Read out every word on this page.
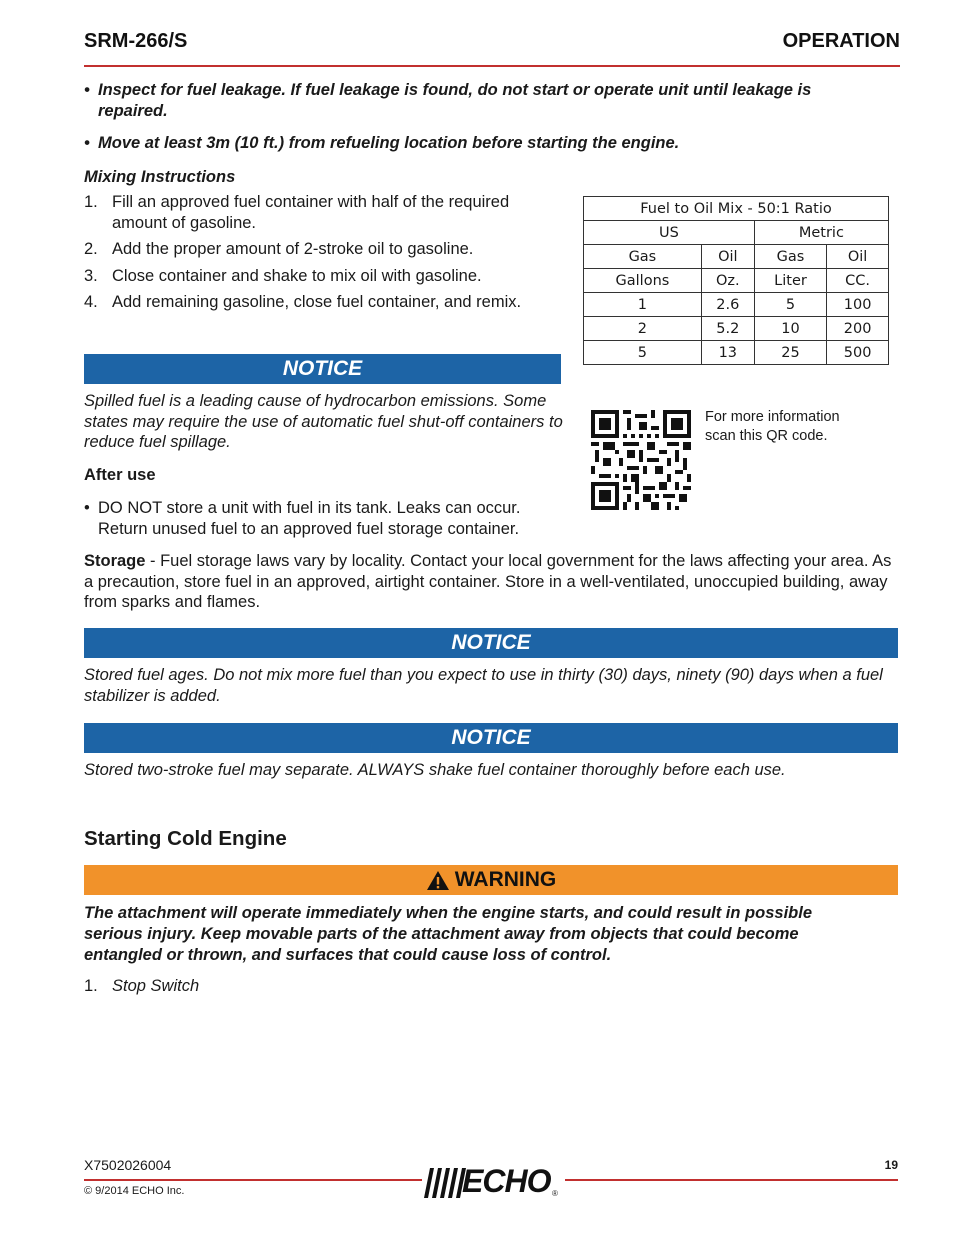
SRM-266/S	OPERATION
• Inspect for fuel leakage. If fuel leakage is found, do not start or operate unit until leakage is repaired.
• Move at least 3m (10 ft.) from refueling location before starting the engine.
Mixing Instructions
1. Fill an approved fuel container with half of the required amount of gasoline.
2. Add the proper amount of 2-stroke oil to gasoline.
3. Close container and shake to mix oil with gasoline.
4. Add remaining gasoline, close fuel container, and remix.
Fuel to Oil Mix - 50:1 Ratio			
US		Metric	
Gas	Oil	Gas	Oil
Gallons	Oz.	Liter	CC.
1	2.6	5	100
2	5.2	10	200
5	13	25	500
NOTICE
Spilled fuel is a leading cause of hydrocarbon emissions. Some states may require the use of automatic fuel shut-off containers to reduce fuel spillage.
For more information
scan this QR code.
After use
• DO NOT store a unit with fuel in its tank. Leaks can occur.
Return unused fuel to an approved fuel storage container.
Storage - Fuel storage laws vary by locality. Contact your local government for the laws affecting your area. As a precaution, store fuel in an approved, airtight container. Store in a well-ventilated, unoccupied building, away from sparks and flames.
NOTICE
Stored fuel ages. Do not mix more fuel than you expect to use in thirty (30) days, ninety (90) days when a fuel stabilizer is added.
NOTICE
Stored two-stroke fuel may separate. ALWAYS shake fuel container thoroughly before each use.
Starting Cold Engine
WARNING
The attachment will operate immediately when the engine starts, and could result in possible serious injury. Keep movable parts of the attachment away from objects that could become entangled or thrown, and surfaces that could cause loss of control.
1. Stop Switch
X7502026004	19
ECHO ®
© 9/2014 ECHO Inc.
